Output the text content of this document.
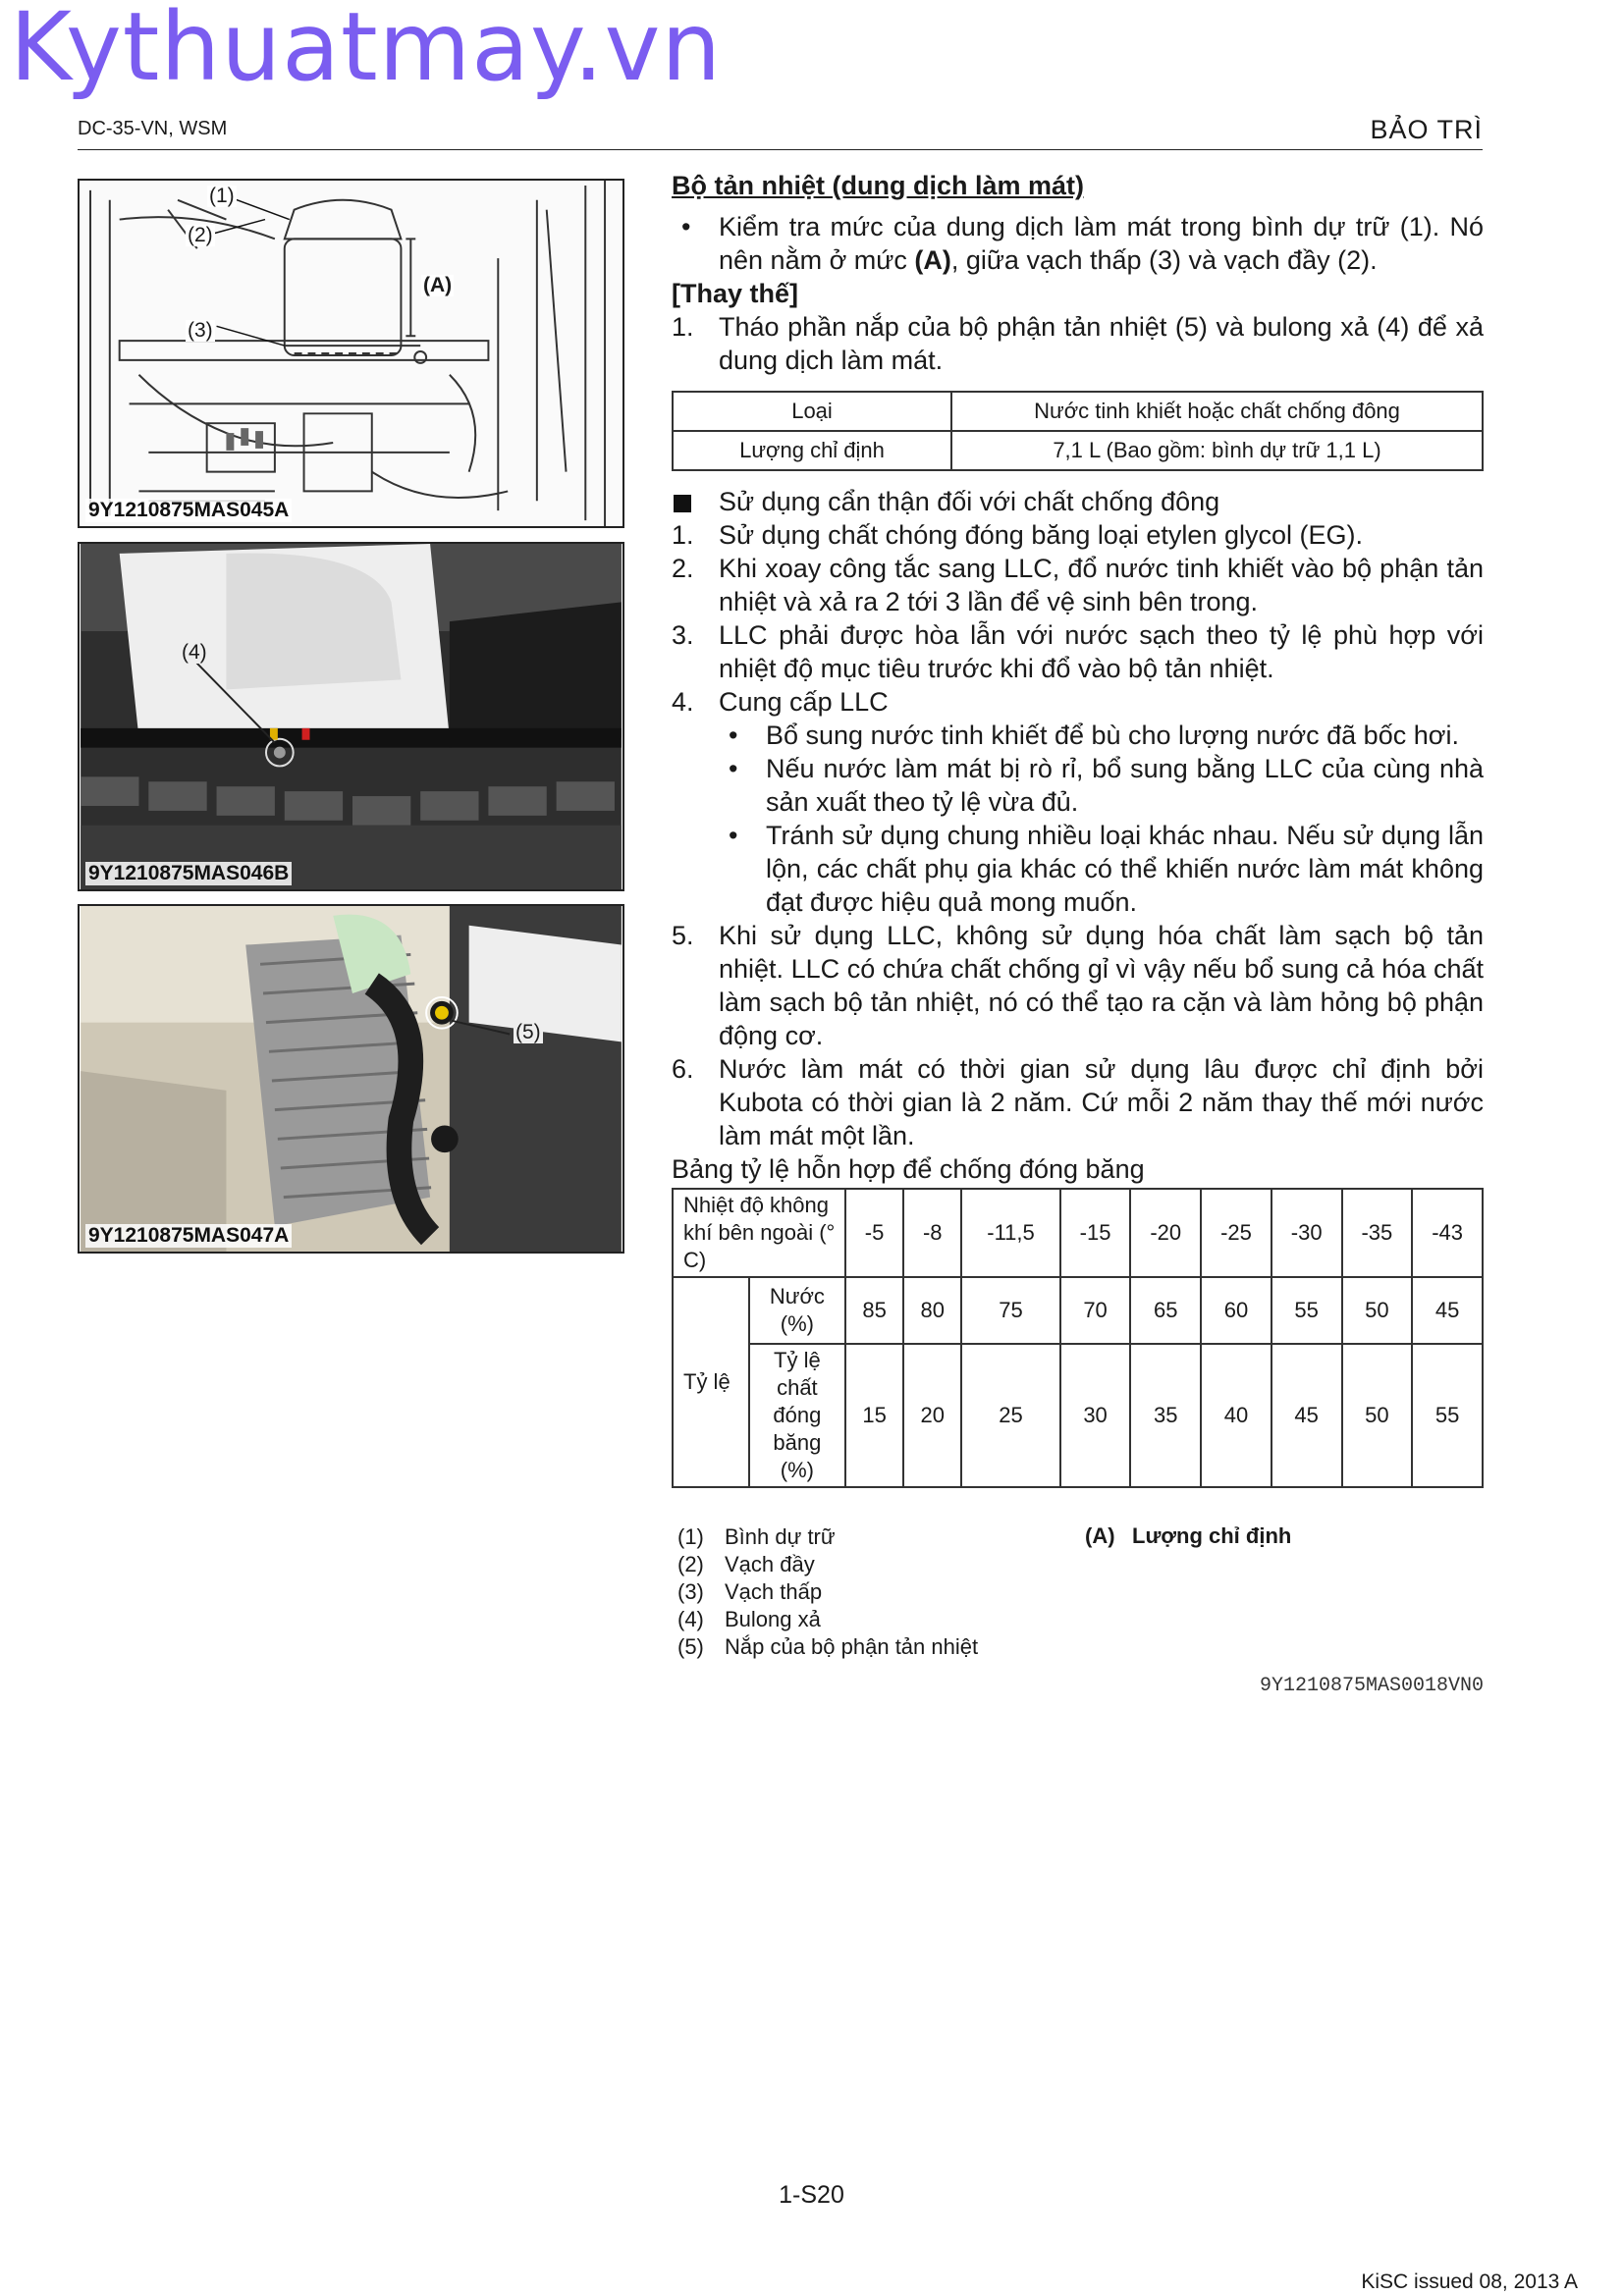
Kythuatmay.vn
DC-35-VN, WSM	BẢO TRÌ
(1)
(2)
(3)
(A)
9Y1210875MAS045A
(4)
9Y1210875MAS046B
(5)
9Y1210875MAS047A
Bộ tản nhiệt (dung dịch làm mát)
•	Kiểm tra mức của dung dịch làm mát trong bình dự trữ (1). Nó nên nằm ở mức (A), giữa vạch thấp (3) và vạch đầy (2).
[Thay thế]
1. Tháo phần nắp của bộ phận tản nhiệt (5) và bulong xả (4) để xả dung dịch làm mát.
Loại	Nước tinh khiết hoặc chất chống đông
Lượng chỉ định	7,1 L (Bao gồm: bình dự trữ 1,1 L)
Sử dụng cẩn thận đối với chất chống đông
1. Sử dụng chất chóng đóng băng loại etylen glycol (EG).
2. Khi xoay công tắc sang LLC, đổ nước tinh khiết vào bộ phận tản nhiệt và xả ra 2 tới 3 lần để vệ sinh bên trong.
3. LLC phải được hòa lẫn với nước sạch theo tỷ lệ phù hợp với nhiệt độ mục tiêu trước khi đổ vào bộ tản nhiệt.
4. Cung cấp LLC
•	Bổ sung nước tinh khiết để bù cho lượng nước đã bốc hơi.
•	Nếu nước làm mát bị rò rỉ, bổ sung bằng LLC của cùng nhà sản xuất theo tỷ lệ vừa đủ.
•	Tránh sử dụng chung nhiều loại khác nhau. Nếu sử dụng lẫn lộn, các chất phụ gia khác có thể khiến nước làm mát không đạt được hiệu quả mong muốn.
5. Khi sử dụng LLC, không sử dụng hóa chất làm sạch bộ tản nhiệt. LLC có chứa chất chống gỉ vì vậy nếu bổ sung cả hóa chất làm sạch bộ tản nhiệt, nó có thể tạo ra cặn và làm hỏng bộ phận động cơ.
6. Nước làm mát có thời gian sử dụng lâu được chỉ định bởi Kubota có thời gian là 2 năm. Cứ mỗi 2 năm thay thế mới nước làm mát một lần.
Bảng tỷ lệ hỗn hợp để chống đóng băng
Nhiệt độ không khí bên ngoài (° C)		-5	-8	-11,5	-15	-20	-25	-30	-35	-43
Tỷ lệ	Nước (%)	85	80	75	70	65	60	55	50	45
	Tỷ lệ chất đóng băng (%)	15	20	25	30	35	40	45	50	55
(1) Bình dự trữ
(2) Vạch đầy
(3) Vạch thấp
(4) Bulong xả
(5) Nắp của bộ phận tản nhiệt
(A) Lượng chỉ định
9Y1210875MAS0018VN0
1-S20
KiSC issued 08, 2013 A
